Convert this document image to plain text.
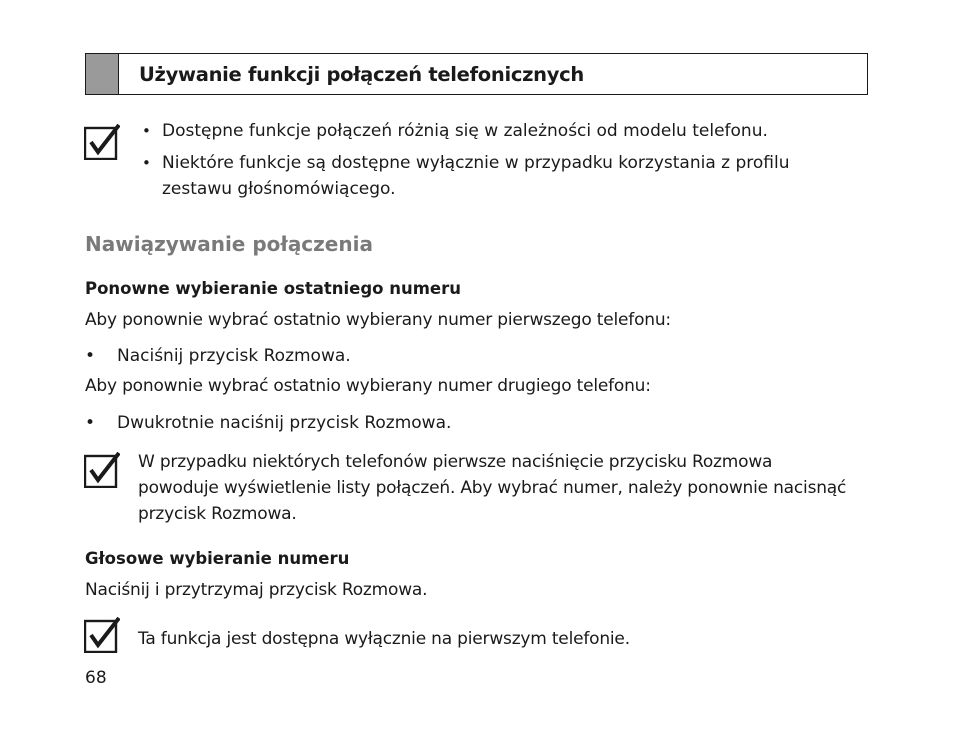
Używanie funkcji połączeń telefonicznych
• Dostępne funkcje połączeń różnią się w zależności od modelu telefonu.
• Niektóre funkcje są dostępne wyłącznie w przypadku korzystania z profilu zestawu głośnomówiącego.
Nawiązywanie połączenia
Ponowne wybieranie ostatniego numeru
Aby ponownie wybrać ostatnio wybierany numer pierwszego telefonu:
• Naciśnij przycisk Rozmowa.
Aby ponownie wybrać ostatnio wybierany numer drugiego telefonu:
• Dwukrotnie naciśnij przycisk Rozmowa.
W przypadku niektórych telefonów pierwsze naciśnięcie przycisku Rozmowa powoduje wyświetlenie listy połączeń. Aby wybrać numer, należy ponownie nacisnąć przycisk Rozmowa.
Głosowe wybieranie numeru
Naciśnij i przytrzymaj przycisk Rozmowa.
Ta funkcja jest dostępna wyłącznie na pierwszym telefonie.
68
